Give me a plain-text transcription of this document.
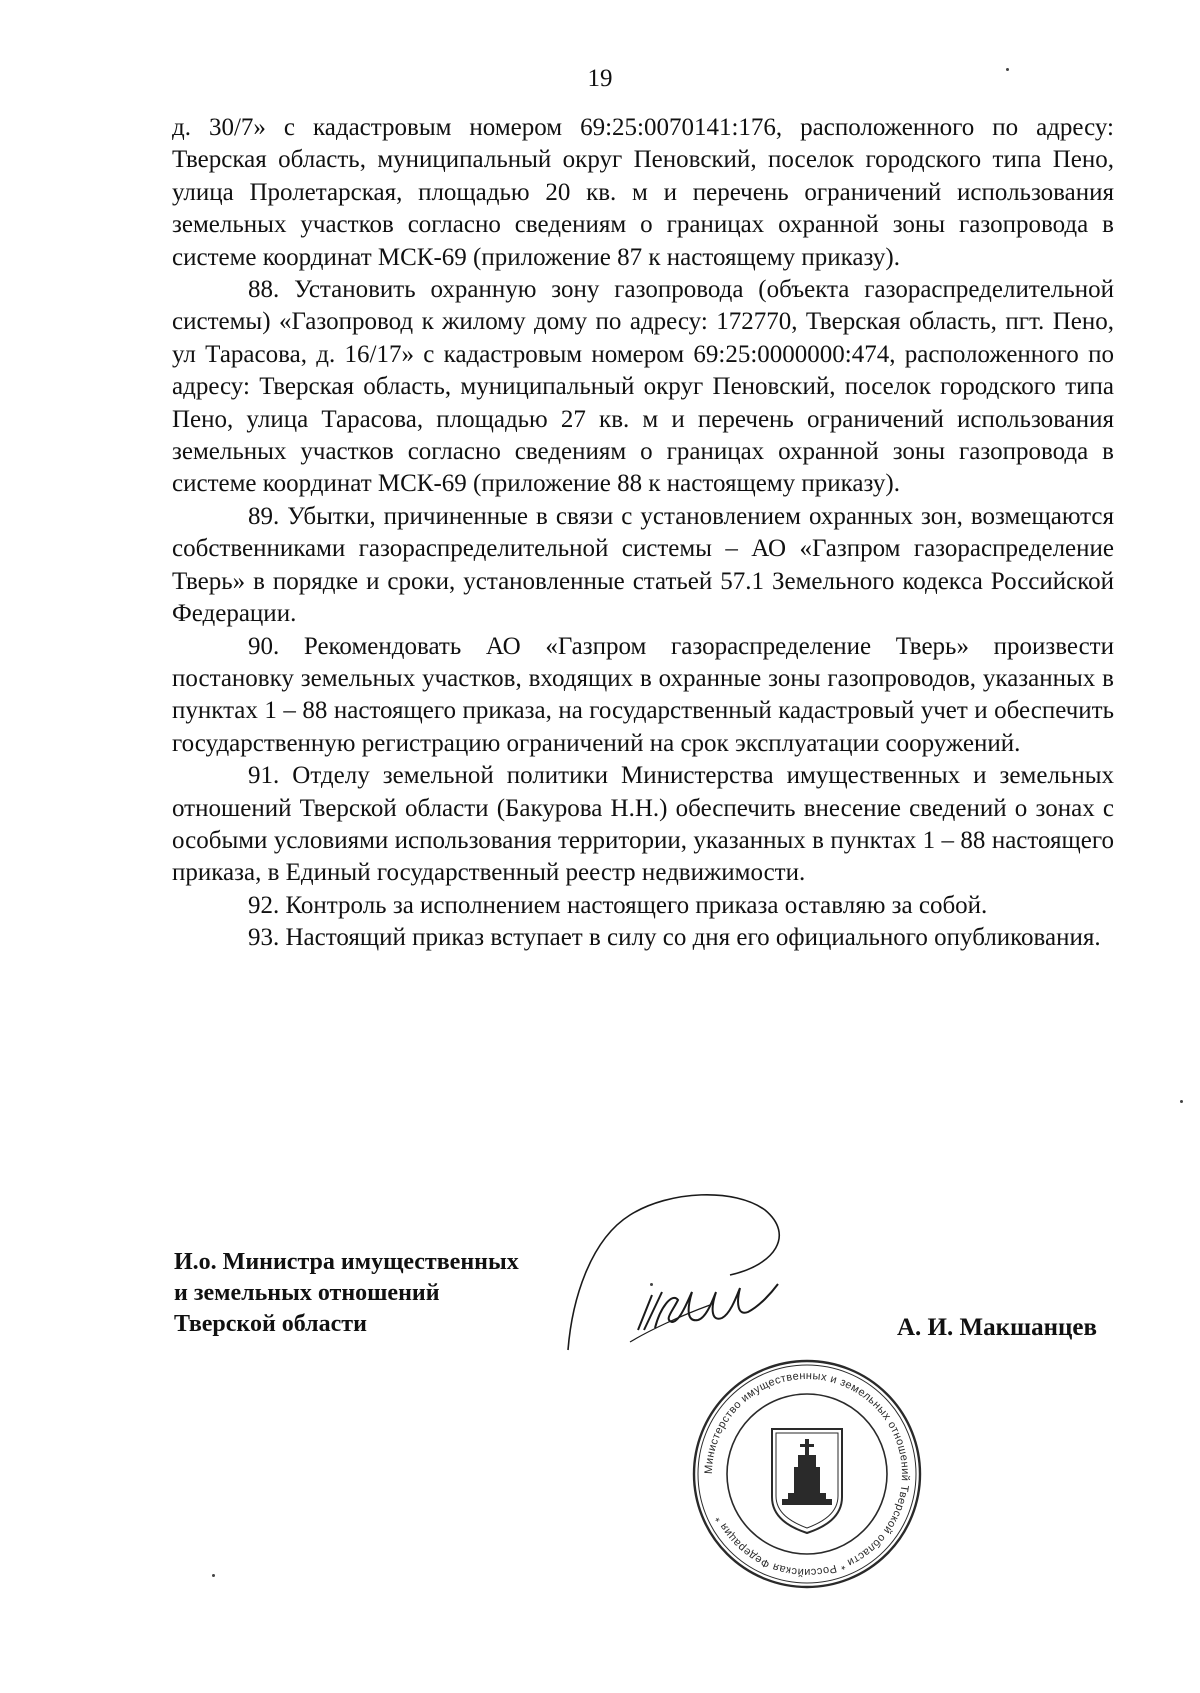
19

д. 30/7» с кадастровым номером 69:25:0070141:176, расположенного по адресу: Тверская область, муниципальный округ Пеновский, поселок городского типа Пено, улица Пролетарская, площадью 20 кв. м и перечень ограничений использования земельных участков согласно сведениям о границах охранной зоны газопровода в системе координат МСК-69 (приложение 87 к настоящему приказу).

88. Установить охранную зону газопровода (объекта газораспределительной системы) «Газопровод к жилому дому по адресу: 172770, Тверская область, пгт. Пено, ул Тарасова, д. 16/17» с кадастровым номером 69:25:0000000:474, расположенного по адресу: Тверская область, муниципальный округ Пеновский, поселок городского типа Пено, улица Тарасова, площадью 27 кв. м и перечень ограничений использования земельных участков согласно сведениям о границах охранной зоны газопровода в системе координат МСК-69 (приложение 88 к настоящему приказу).

89. Убытки, причиненные в связи с установлением охранных зон, возмещаются собственниками газораспределительной системы – АО «Газпром газораспределение Тверь» в порядке и сроки, установленные статьей 57.1 Земельного кодекса Российской Федерации.

90. Рекомендовать АО «Газпром газораспределение Тверь» произвести постановку земельных участков, входящих в охранные зоны газопроводов, указанных в пунктах 1 – 88 настоящего приказа, на государственный кадастровый учет и обеспечить государственную регистрацию ограничений на срок эксплуатации сооружений.

91. Отделу земельной политики Министерства имущественных и земельных отношений Тверской области (Бакурова Н.Н.) обеспечить внесение сведений о зонах с особыми условиями использования территории, указанных в пунктах 1 – 88 настоящего приказа, в Единый государственный реестр недвижимости.

92. Контроль за исполнением настоящего приказа оставляю за собой.

93. Настоящий приказ вступает в силу со дня его официального опубликования.

И.о. Министра имущественных
и земельных отношений
Тверской области	А. И. Макшанцев
Министерство имущественных и земельных отношений Тверской области * Российская Федерация *
